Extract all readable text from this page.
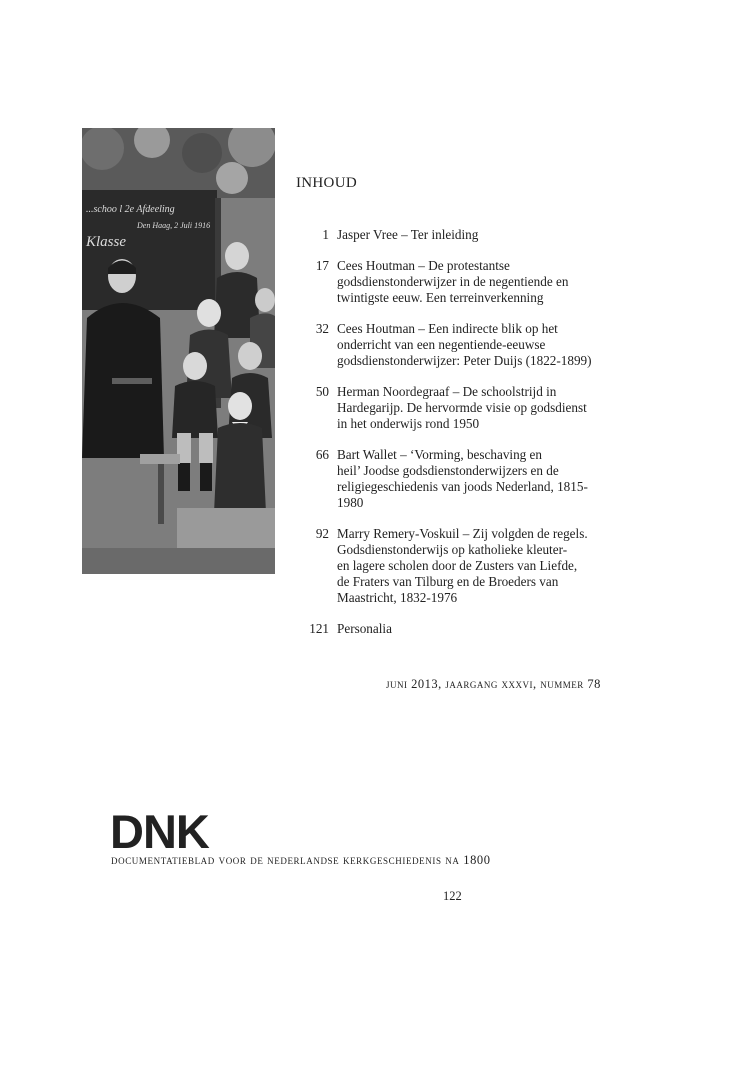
...schoo l 2e Afdeeling
Den Haag, 2 Juli 1916
Klasse
INHOUD
1 Jasper Vree – Ter inleiding
17 Cees Houtman – De protestantse
godsdienstonderwijzer in de negentiende en
twintigste eeuw. Een terreinverkenning
32 Cees Houtman – Een indirecte blik op het
onderricht van een negentiende-eeuwse
godsdienstonderwijzer: Peter Duijs (1822-1899)
50 Herman Noordegraaf – De schoolstrijd in
Hardegarijp. De hervormde visie op godsdienst
in het onderwijs rond 1950
66 Bart Wallet – ‘Vorming, beschaving en
heil’ Joodse godsdienstonderwijzers en de
religiegeschiedenis van joods Nederland, 1815-
1980
92 Marry Remery-Voskuil – Zij volgden de regels.
Godsdienstonderwijs op katholieke kleuter-
en lagere scholen door de Zusters van Liefde,
de Fraters van Tilburg en de Broeders van
Maastricht, 1832-1976
121 Personalia
juni 2013, jaargang xxxvi, nummer 78
DNK
documentatieblad voor de nederlandse kerkgeschiedenis na 1800
122
